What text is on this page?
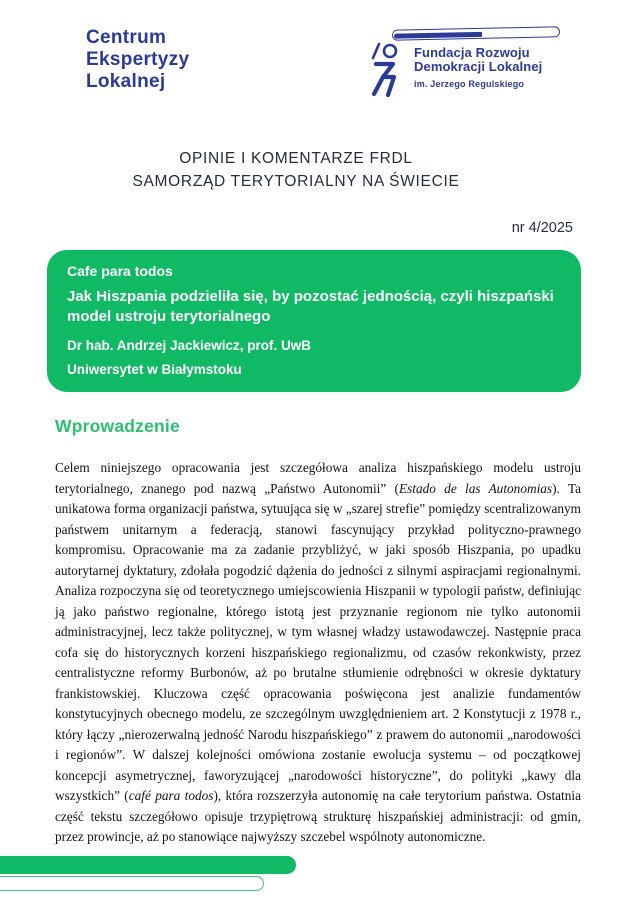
Centrum
Ekspertyzy
Lokalnej
Fundacja Rozwoju
Demokracji Lokalnej
im. Jerzego Regulskiego
OPINIE I KOMENTARZE FRDL
SAMORZĄD TERYTORIALNY NA ŚWIECIE
nr 4/2025
Cafe para todos
Jak Hiszpania podzieliła się, by pozostać jednością, czyli hiszpański model ustroju terytorialnego
Dr hab. Andrzej Jackiewicz, prof. UwB
Uniwersytet w Białymstoku
Wprowadzenie

Celem niniejszego opracowania jest szczegółowa analiza hiszpańskiego modelu ustroju terytorialnego, znanego pod nazwą „Państwo Autonomii” (Estado de las Autonomias). Ta unikatowa forma organizacji państwa, sytuująca się w „szarej strefie” pomiędzy scentralizowanym państwem unitarnym a federacją, stanowi fascynujący przykład polityczno-prawnego kompromisu. Opracowanie ma za zadanie przybliżyć, w jaki sposób Hiszpania, po upadku autorytarnej dyktatury, zdołała pogodzić dążenia do jedności z silnymi aspiracjami regionalnymi. Analiza rozpoczyna się od teoretycznego umiejscowienia Hiszpanii w typologii państw, definiując ją jako państwo regionalne, którego istotą jest przyznanie regionom nie tylko autonomii administracyjnej, lecz także politycznej, w tym własnej władzy ustawodawczej. Następnie praca cofa się do historycznych korzeni hiszpańskiego regionalizmu, od czasów rekonkwisty, przez centralistyczne reformy Burbonów, aż po brutalne stłumienie odrębności w okresie dyktatury frankistowskiej. Kluczowa część opracowania poświęcona jest analizie fundamentów konstytucyjnych obecnego modelu, ze szczególnym uwzględnieniem art. 2 Konstytucji z 1978 r., który łączy „nierozerwalną jedność Narodu hiszpańskiego” z prawem do autonomii „narodowości i regionów”. W dalszej kolejności omówiona zostanie ewolucja systemu – od początkowej koncepcji asymetrycznej, faworyzującej „narodowości historyczne”, do polityki „kawy dla wszystkich” (café para todos), która rozszerzyła autonomię na całe terytorium państwa. Ostatnia część tekstu szczegółowo opisuje trzypiętrową strukturę hiszpańskiej administracji: od gmin, przez prowincje, aż po stanowiące najwyższy szczebel wspólnoty autonomiczne.
